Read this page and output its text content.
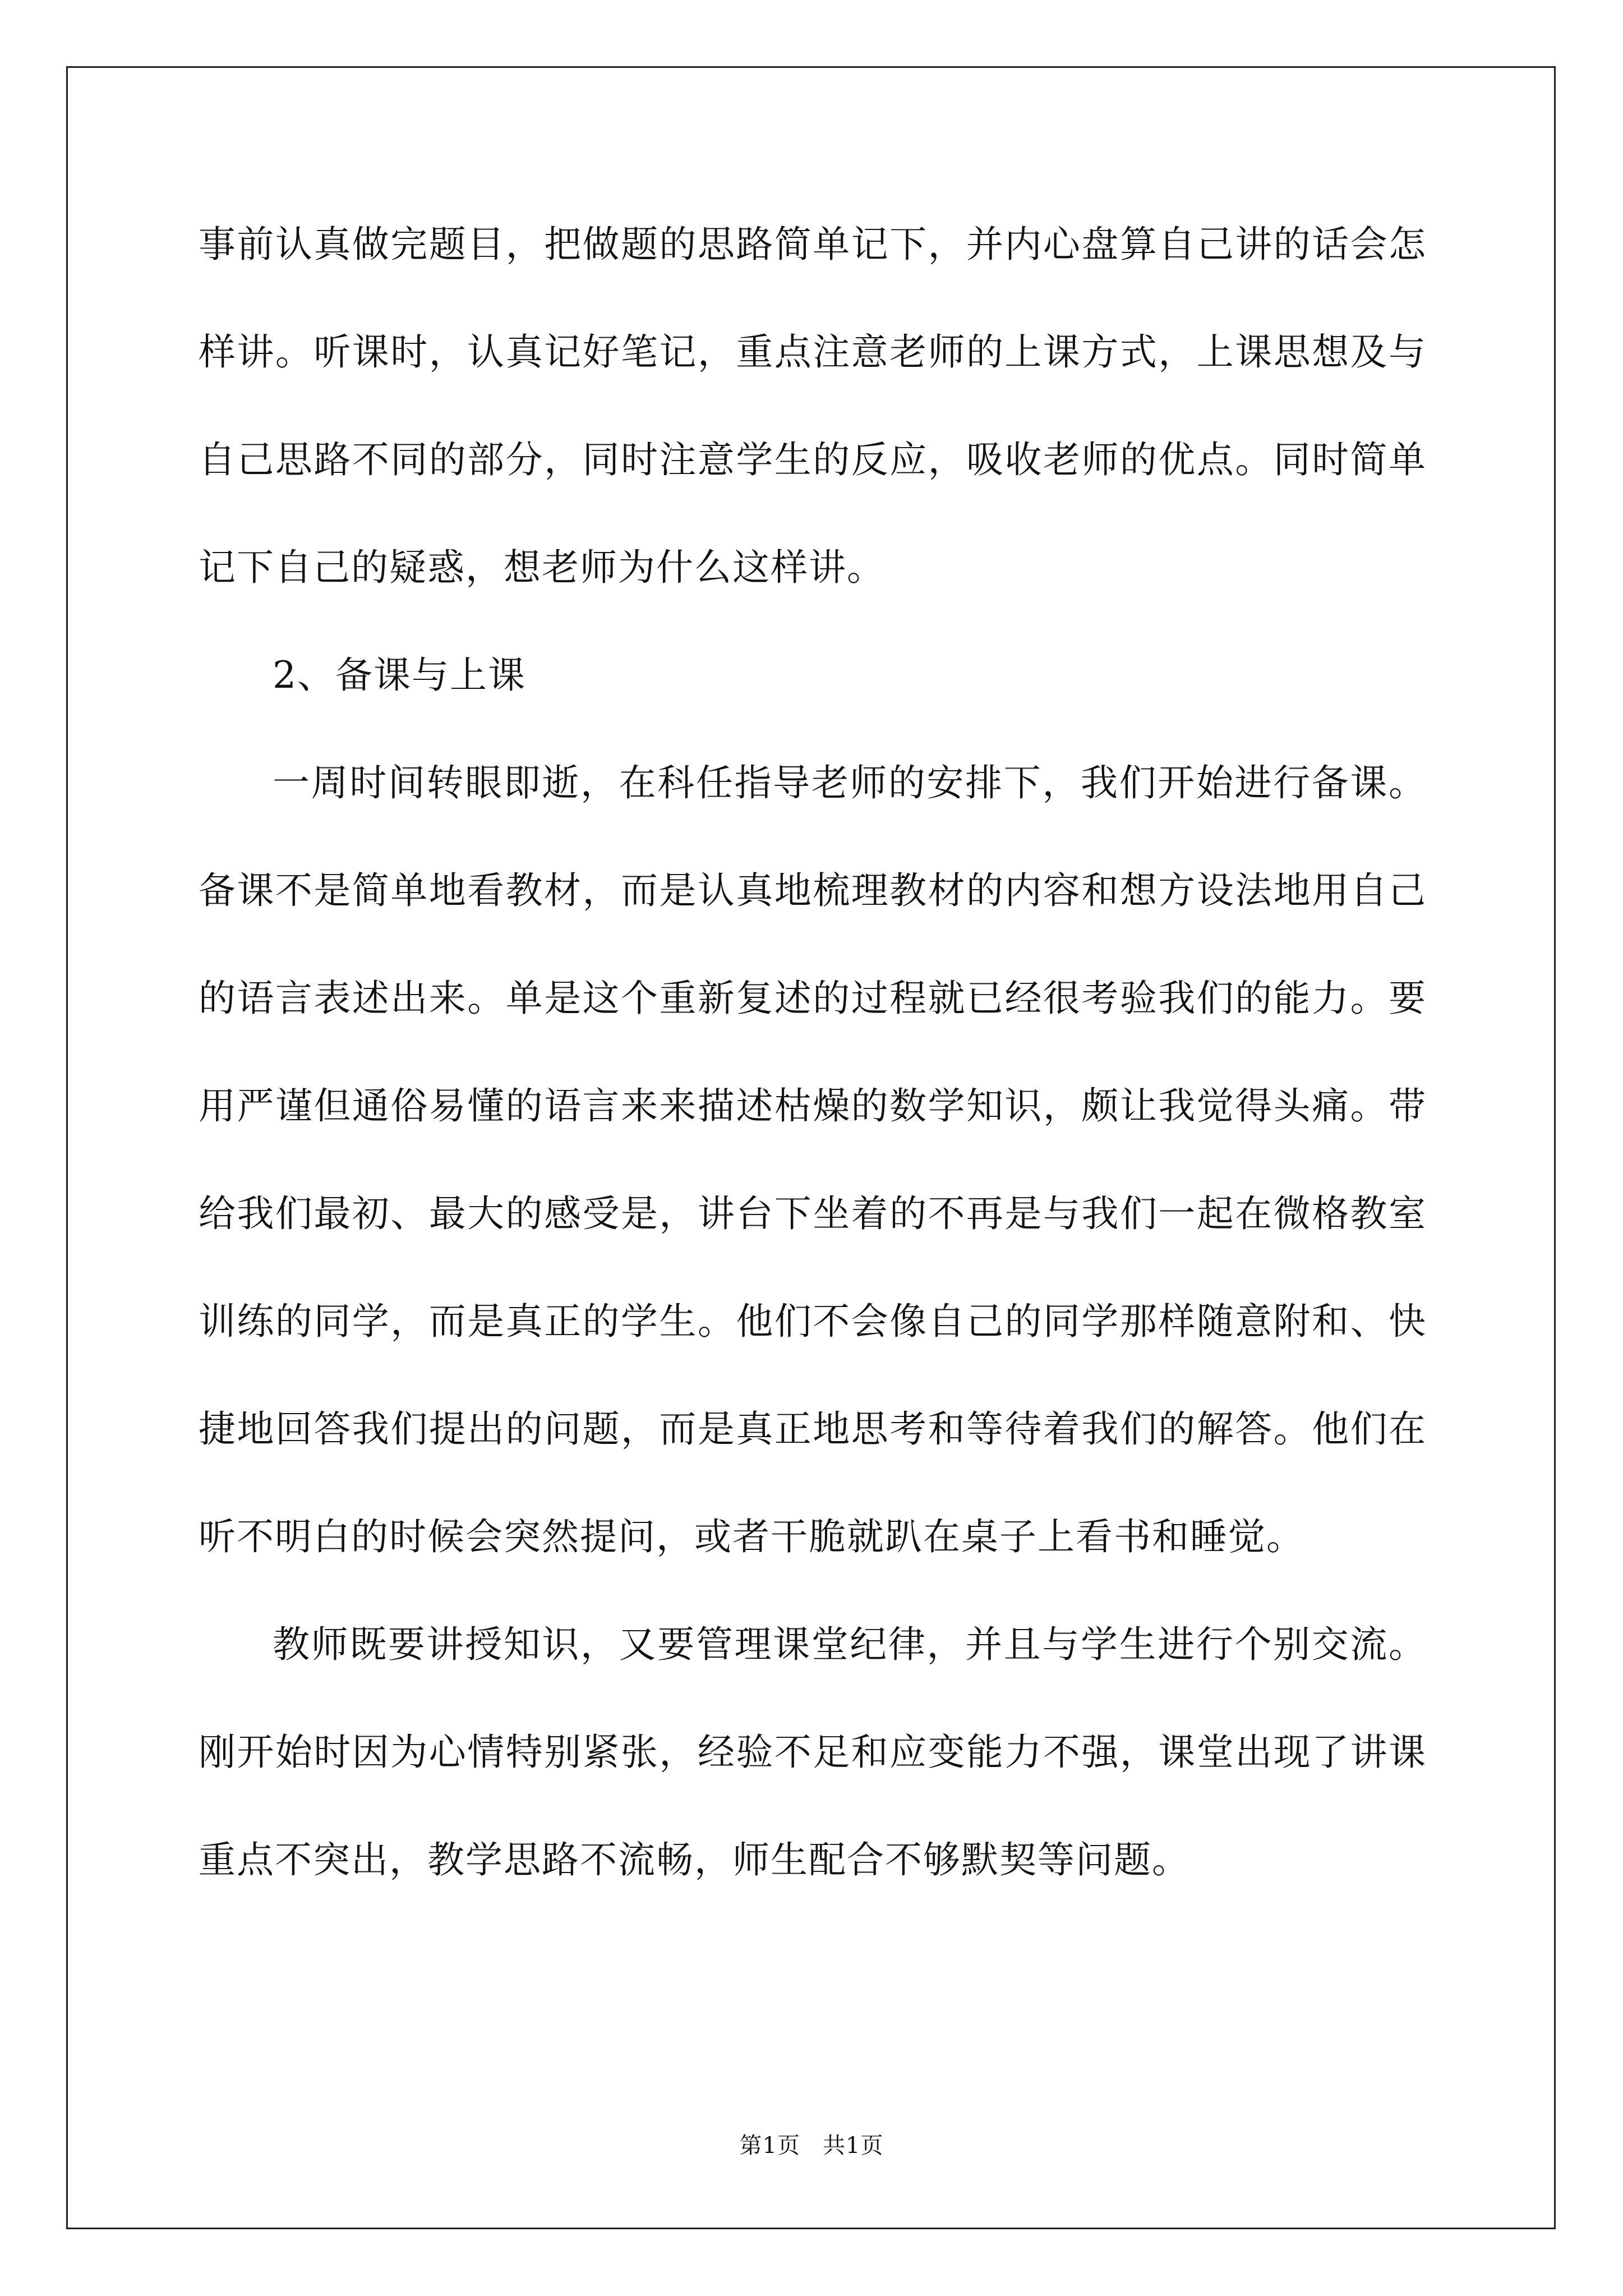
事前认真做完题目，把做题的思路简单记下，并内心盘算自己讲的话会怎样讲。听课时，认真记好笔记，重点注意老师的上课方式，上课思想及与自己思路不同的部分，同时注意学生的反应，吸收老师的优点。同时简单记下自己的疑惑，想老师为什么这样讲。

2、备课与上课

一周时间转眼即逝，在科任指导老师的安排下，我们开始进行备课。备课不是简单地看教材，而是认真地梳理教材的内容和想方设法地用自己的语言表述出来。单是这个重新复述的过程就已经很考验我们的能力。要用严谨但通俗易懂的语言来来描述枯燥的数学知识，颇让我觉得头痛。带给我们最初、最大的感受是，讲台下坐着的不再是与我们一起在微格教室训练的同学，而是真正的学生。他们不会像自己的同学那样随意附和、快捷地回答我们提出的问题，而是真正地思考和等待着我们的解答。他们在听不明白的时候会突然提问，或者干脆就趴在桌子上看书和睡觉。

教师既要讲授知识，又要管理课堂纪律，并且与学生进行个别交流。刚开始时因为心情特别紧张，经验不足和应变能力不强，课堂出现了讲课重点不突出，教学思路不流畅，师生配合不够默契等问题。

第1页 共1页
